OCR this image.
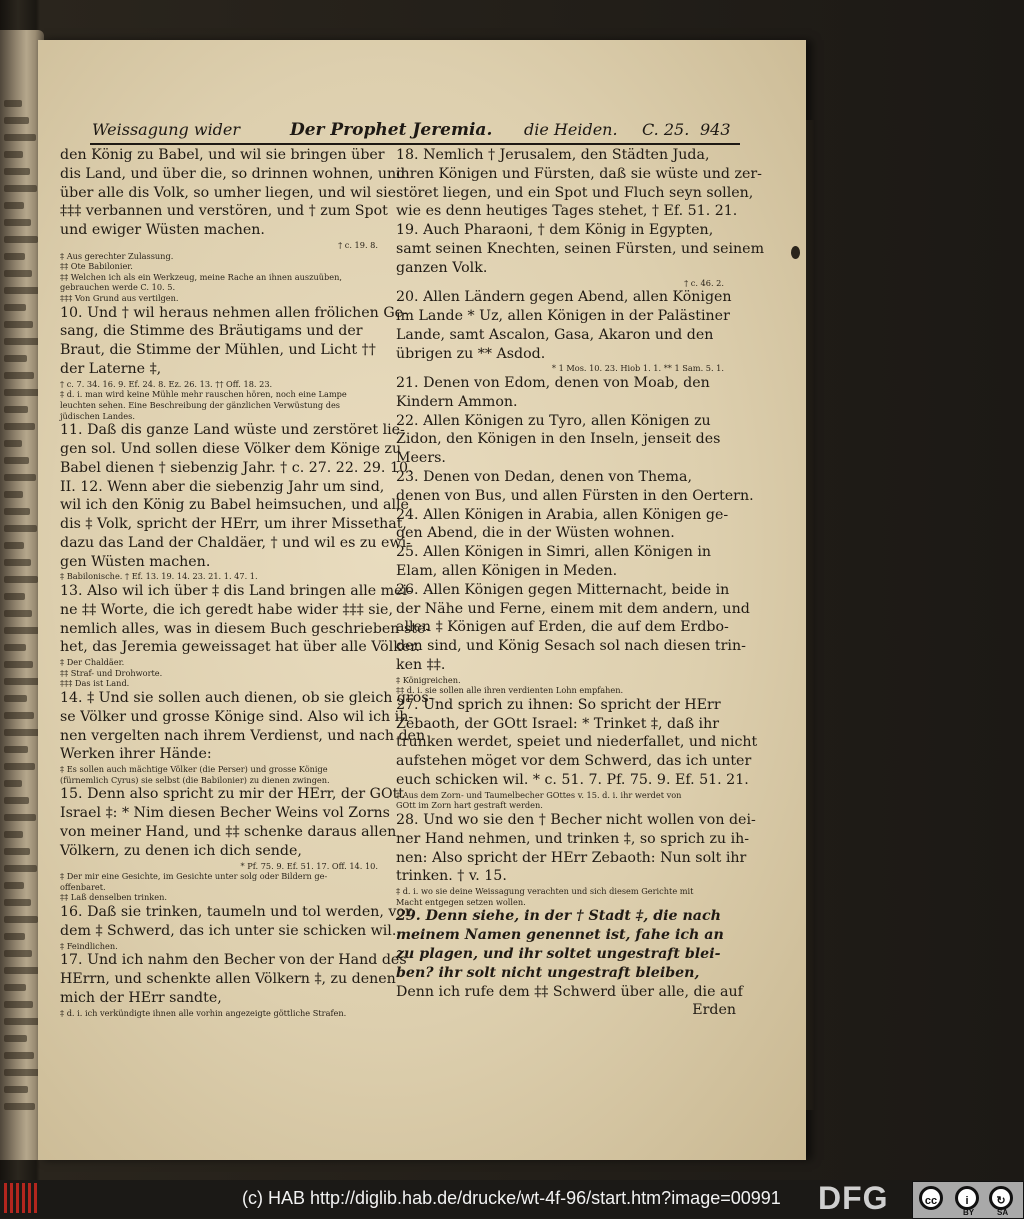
Weissagung wider	Der Prophet Jeremia. die Heiden. C. 25. 943
den König zu Babel, und wil sie bringen über
dis Land, und über die, so drinnen wohnen, und
über alle dis Volk, so umher liegen, und wil sie
‡‡‡ verbannen und verstören, und † zum Spot
und ewiger Wüsten machen.
† c. 19. 8.
‡ Aus gerechter Zulassung.
‡‡ Ote Babilonier.
‡‡ Welchen ich als ein Werkzeug, meine Rache an ihnen auszuüben,
gebrauchen werde C. 10. 5.
‡‡‡ Von Grund aus vertilgen.
10. Und † wil heraus nehmen allen frölichen Ge-
sang, die Stimme des Bräutigams und der
Braut, die Stimme der Mühlen, und Licht ††
der Laterne ‡,
† c. 7. 34. 16. 9. Ef. 24. 8. Ez. 26. 13. †† Off. 18. 23.
‡ d. i. man wird keine Mühle mehr rauschen hören, noch eine Lampe
leuchten sehen. Eine Beschreibung der gänzlichen Verwüstung des
jüdischen Landes.
11. Daß dis ganze Land wüste und zerstöret lie-
gen sol. Und sollen diese Völker dem Könige zu
Babel dienen † siebenzig Jahr. † c. 27. 22. 29. 10.
II. 12. Wenn aber die siebenzig Jahr um sind,
wil ich den König zu Babel heimsuchen, und alle
dis ‡ Volk, spricht der HErr, um ihrer Missethat,
dazu das Land der Chaldäer, † und wil es zu ewi-
gen Wüsten machen.
‡ Babilonische. † Ef. 13. 19. 14. 23. 21. 1. 47. 1.
13. Also wil ich über ‡ dis Land bringen alle mei-
ne ‡‡ Worte, die ich geredt habe wider ‡‡‡ sie,
nemlich alles, was in diesem Buch geschrieben ste-
het, das Jeremia geweissaget hat über alle Völker.
‡ Der Chaldäer.
‡‡ Straf- und Drohworte.
‡‡‡ Das ist Land.
14. ‡ Und sie sollen auch dienen, ob sie gleich gros-
se Völker und grosse Könige sind. Also wil ich ih-
nen vergelten nach ihrem Verdienst, und nach den
Werken ihrer Hände:
‡ Es sollen auch mächtige Völker (die Perser) und grosse Könige
(fürnemlich Cyrus) sie selbst (die Babilonier) zu dienen zwingen.
15. Denn also spricht zu mir der HErr, der GOtt
Israel ‡: * Nim diesen Becher Weins vol Zorns
von meiner Hand, und ‡‡ schenke daraus allen
Völkern, zu denen ich dich sende,
* Pf. 75. 9. Ef. 51. 17. Off. 14. 10.
‡ Der mir eine Gesichte, im Gesichte unter solg oder Bildern ge-
offenbaret.
‡‡ Laß denselben trinken.
16. Daß sie trinken, taumeln und tol werden, vor
dem ‡ Schwerd, das ich unter sie schicken wil.
‡ Feindlichen.
17. Und ich nahm den Becher von der Hand des
HErrn, und schenkte allen Völkern ‡, zu denen
mich der HErr sandte,
‡ d. i. ich verkündigte ihnen alle vorhin angezeigte göttliche Strafen.
18. Nemlich † Jerusalem, den Städten Juda,
ihren Königen und Fürsten, daß sie wüste und zer-
störet liegen, und ein Spot und Fluch seyn sollen,
wie es denn heutiges Tages stehet, † Ef. 51. 21.
19. Auch Pharaoni, † dem König in Egypten,
samt seinen Knechten, seinen Fürsten, und seinem
ganzen Volk.
† c. 46. 2.
20. Allen Ländern gegen Abend, allen Königen
im Lande * Uz, allen Königen in der Palästiner
Lande, samt Ascalon, Gasa, Akaron und den
übrigen zu ** Asdod.
* 1 Mos. 10. 23. Hiob 1. 1. ** 1 Sam. 5. 1.
21. Denen von Edom, denen von Moab, den
Kindern Ammon.
22. Allen Königen zu Tyro, allen Königen zu
Zidon, den Königen in den Inseln, jenseit des
Meers.
23. Denen von Dedan, denen von Thema,
denen von Bus, und allen Fürsten in den Oertern.
24. Allen Königen in Arabia, allen Königen ge-
gen Abend, die in der Wüsten wohnen.
25. Allen Königen in Simri, allen Königen in
Elam, allen Königen in Meden.
26. Allen Königen gegen Mitternacht, beide in
der Nähe und Ferne, einem mit dem andern, und
allen ‡ Königen auf Erden, die auf dem Erdbo-
den sind, und König Sesach sol nach diesen trin-
ken ‡‡.
‡ Königreichen.
‡‡ d. i. sie sollen alle ihren verdienten Lohn empfahen.
27. Und sprich zu ihnen: So spricht der HErr
Zebaoth, der GOtt Israel: * Trinket ‡, daß ihr
trunken werdet, speiet und niederfallet, und nicht
aufstehen möget vor dem Schwerd, das ich unter
euch schicken wil. * c. 51. 7. Pf. 75. 9. Ef. 51. 21.
‡ Aus dem Zorn- und Taumelbecher GOttes v. 15. d. i. ihr werdet von
GOtt im Zorn hart gestraft werden.
28. Und wo sie den † Becher nicht wollen von dei-
ner Hand nehmen, und trinken ‡, so sprich zu ih-
nen: Also spricht der HErr Zebaoth: Nun solt ihr
trinken. † v. 15.
‡ d. i. wo sie deine Weissagung verachten und sich diesem Gerichte mit
Macht entgegen setzen wollen.
29. Denn siehe, in der † Stadt ‡, die nach
meinem Namen genennet ist, fahe ich an
zu plagen, und ihr soltet ungestraft blei-
ben? ihr solt nicht ungestraft bleiben,
Denn ich rufe dem ‡‡ Schwerd über alle, die auf
Erden
(c) HAB http://diglib.hab.de/drucke/wt-4f-96/start.htm?image=00991 DFG	cc	i	↻
BY	SA
